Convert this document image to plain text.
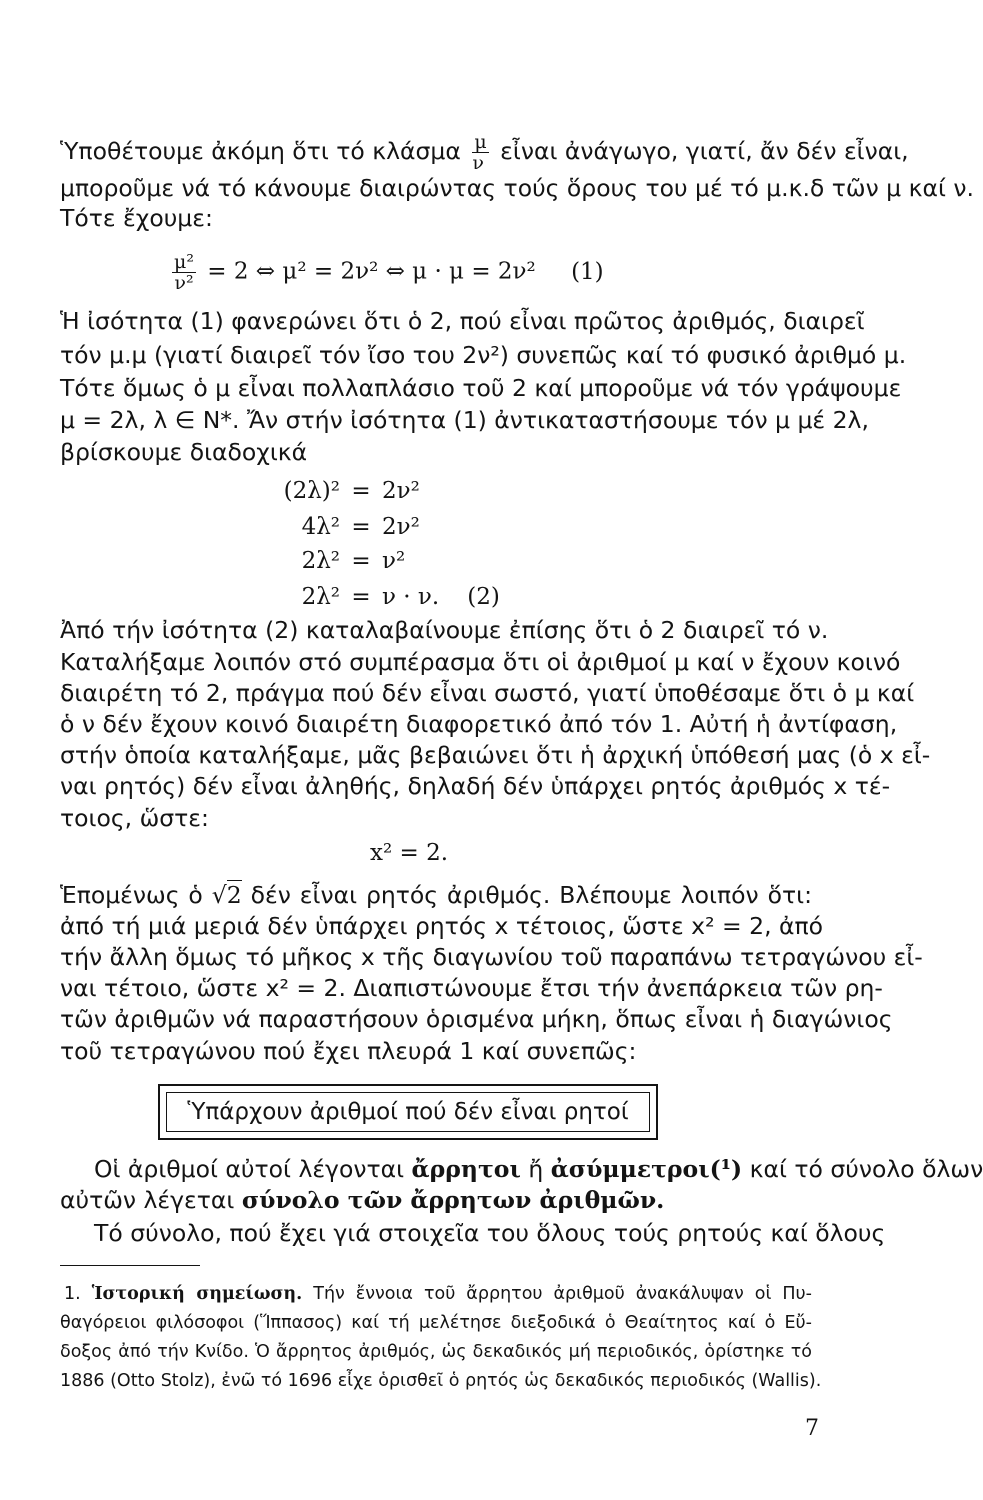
Ὑποθέτουμε ἀκόμη ὅτι τό κλάσμα $\frac{\mu}{\nu}$ εἶναι ἀνάγωγο, γιατί, ἄν δέν εἶναι,
μποροῦμε νά τό κάνουμε διαιρώντας τούς ὅρους του μέ τό μ.κ.δ τῶν μ καί ν.
Τότε ἔχουμε:
$\frac{\text{μ²}}{\text{ν²}} = 2$ ⇔ μ² = 2ν² ⇔ μ · μ = 2ν² (1)
Ἡ ἰσότητα (1) φανερώνει ὅτι ὁ 2, πού εἶναι πρῶτος ἀριθμός, διαιρεῖ
τόν μ.μ (γιατί διαιρεῖ τόν ἴσο του 2ν²) συνεπῶς καί τό φυσικό ἀριθμό μ.
Τότε ὅμως ὁ μ εἶναι πολλαπλάσιο τοῦ 2 καί μποροῦμε νά τόν γράψουμε
μ = 2λ, λ ∈ N*. Ἄν στήν ἰσότητα (1) ἀντικαταστήσουμε τόν μ μέ 2λ,
βρίσκουμε διαδοχικά
(2λ)² = 2ν²
4λ² = 2ν²
2λ² = ν²
2λ² = ν · ν. (2)
Ἀπό τήν ἰσότητα (2) καταλαβαίνουμε ἐπίσης ὅτι ὁ 2 διαιρεῖ τό ν.
Καταλήξαμε λοιπόν στό συμπέρασμα ὅτι οἱ ἀριθμοί μ καί ν ἔχουν κοινό
διαιρέτη τό 2, πράγμα πού δέν εἶναι σωστό, γιατί ὑποθέσαμε ὅτι ὁ μ καί
ὁ ν δέν ἔχουν κοινό διαιρέτη διαφορετικό ἀπό τόν 1. Αὐτή ἡ ἀντίφαση,
στήν ὁποία καταλήξαμε, μᾶς βεβαιώνει ὅτι ἡ ἀρχική ὑπόθεσή μας (ὁ x εἶ-
ναι ρητός) δέν εἶναι ἀληθής, δηλαδή δέν ὑπάρχει ρητός ἀριθμός x τέ-
τοιος, ὥστε:
x² = 2.
Ἑπομένως ὁ √2 δέν εἶναι ρητός ἀριθμός. Βλέπουμε λοιπόν ὅτι:
ἀπό τή μιά μεριά δέν ὑπάρχει ρητός x τέτοιος, ὥστε x² = 2, ἀπό
τήν ἄλλη ὅμως τό μῆκος x τῆς διαγωνίου τοῦ παραπάνω τετραγώνου εἶ-
ναι τέτοιο, ὥστε x² = 2. Διαπιστώνουμε ἔτσι τήν ἀνεπάρκεια τῶν ρη-
τῶν ἀριθμῶν νά παραστήσουν ὁρισμένα μήκη, ὅπως εἶναι ἡ διαγώνιος
τοῦ τετραγώνου πού ἔχει πλευρά 1 καί συνεπῶς:
Ὑπάρχουν ἀριθμοί πού δέν εἶναι ρητοί
Οἱ ἀριθμοί αὐτοί λέγονται ἄρρητοι ἤ ἀσύμμετροι(¹) καί τό σύνολο ὅλων
αὐτῶν λέγεται σύνολο τῶν ἄρρητων ἀριθμῶν.
Τό σύνολο, πού ἔχει γιά στοιχεῖα του ὅλους τούς ρητούς καί ὅλους
1. Ἱστορική σημείωση. Τήν ἔννοια τοῦ ἄρρητου ἀριθμοῦ ἀνακάλυψαν οἱ Πυ-
θαγόρειοι φιλόσοφοι (Ἵππασος) καί τή μελέτησε διεξοδικά ὁ Θεαίτητος καί ὁ Εὔ-
δοξος ἀπό τήν Κνίδο. Ὁ ἄρρητος ἀριθμός, ὡς δεκαδικός μή περιοδικός, ὁρίστηκε τό
1886 (Otto Stolz), ἐνῶ τό 1696 εἶχε ὁρισθεῖ ὁ ρητός ὡς δεκαδικός περιοδικός (Wallis).
7
